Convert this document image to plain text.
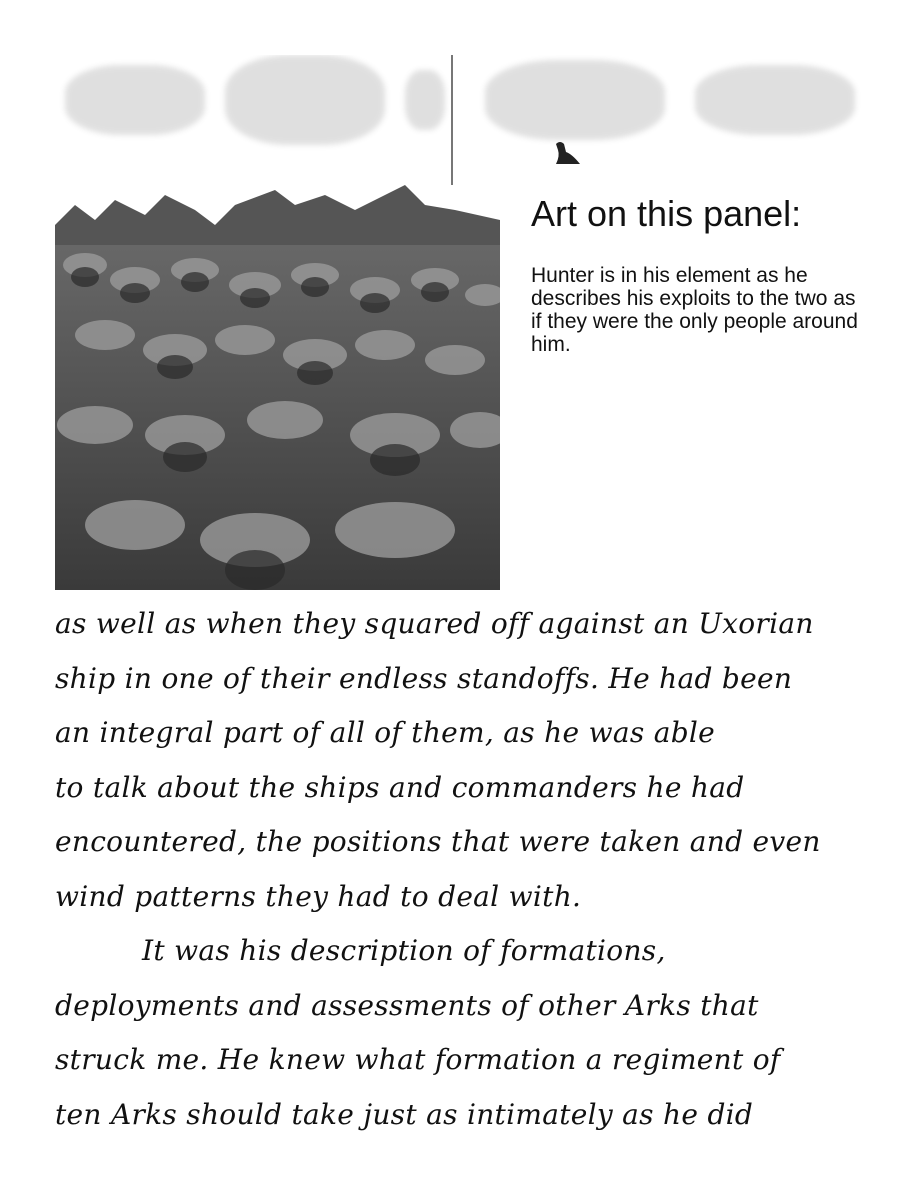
Art on this panel:
Hunter is in his element as he describes his exploits to the two as if they were the only people around him.
as well as when they squared off against an Uxorian
ship in one of their endless standoffs. He had been
an integral part of all of them, as he was able
to talk about the ships and commanders he had
encountered, the positions that were taken and even
wind patterns they had to deal with.
It was his description of formations,
deployments and assessments of other Arks that
struck me. He knew what formation a regiment of
ten Arks should take just as intimately as he did
